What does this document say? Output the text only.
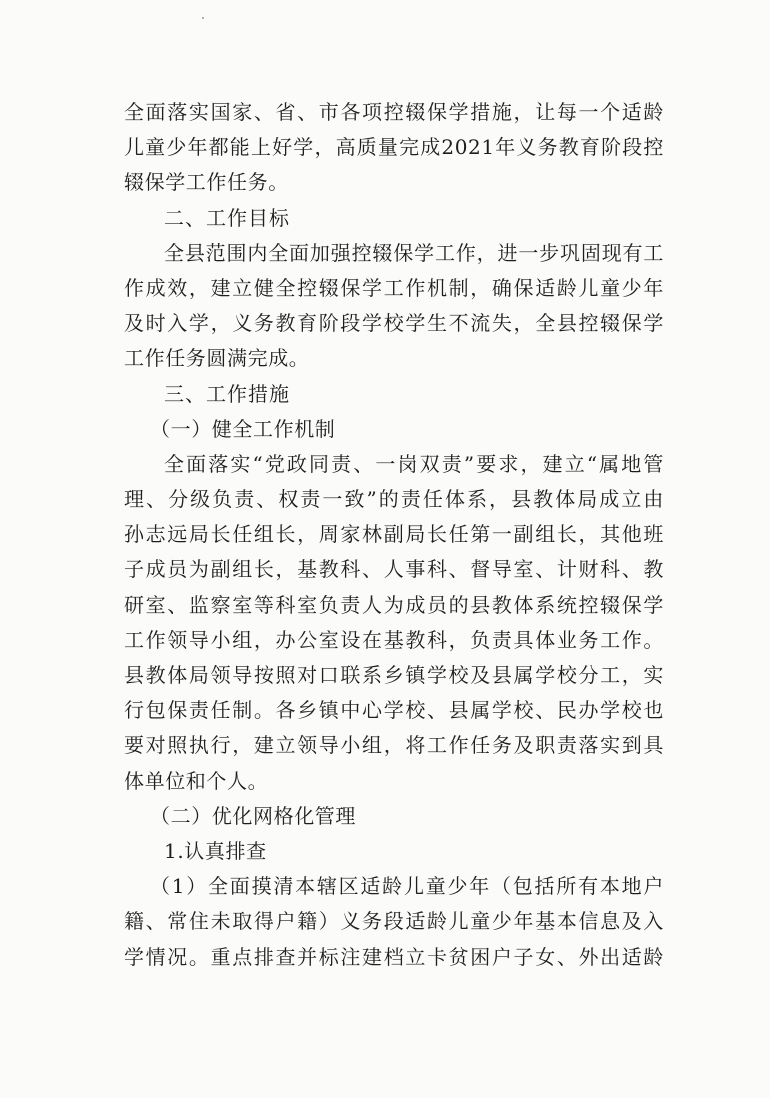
全面落实国家、省、市各项控辍保学措施，让每一个适龄
儿童少年都能上好学，高质量完成2021年义务教育阶段控
辍保学工作任务。
二、工作目标
全县范围内全面加强控辍保学工作，进一步巩固现有工
作成效，建立健全控辍保学工作机制，确保适龄儿童少年
及时入学，义务教育阶段学校学生不流失，全县控辍保学
工作任务圆满完成。
三、工作措施
（一）健全工作机制
全面落实“党政同责、一岗双责”要求，建立“属地管
理、分级负责、权责一致”的责任体系，县教体局成立由
孙志远局长任组长，周家林副局长任第一副组长，其他班
子成员为副组长，基教科、人事科、督导室、计财科、教
研室、监察室等科室负责人为成员的县教体系统控辍保学
工作领导小组，办公室设在基教科，负责具体业务工作。
县教体局领导按照对口联系乡镇学校及县属学校分工，实
行包保责任制。各乡镇中心学校、县属学校、民办学校也
要对照执行，建立领导小组，将工作任务及职责落实到具
体单位和个人。
（二）优化网格化管理
1.认真排查
（1）全面摸清本辖区适龄儿童少年（包括所有本地户
籍、常住未取得户籍）义务段适龄儿童少年基本信息及入
学情况。重点排查并标注建档立卡贫困户子女、外出适龄
